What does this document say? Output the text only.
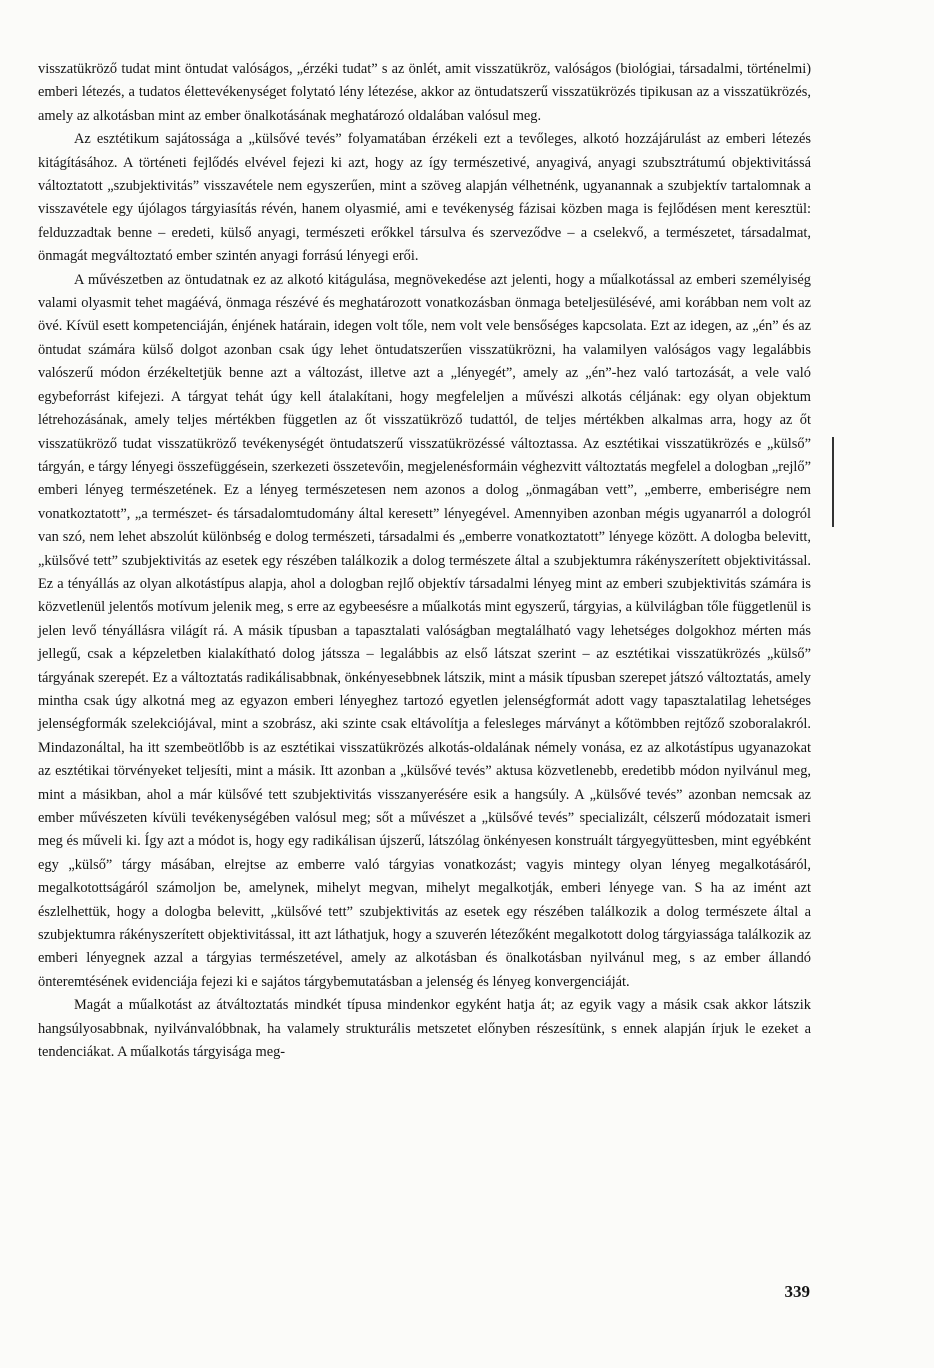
visszatükröző tudat mint öntudat valóságos, „érzéki tudat” s az önlét, amit visszatükröz, valóságos (biológiai, társadalmi, történelmi) emberi létezés, a tudatos élettevékenységet folytató lény létezése, akkor az öntudatszerű visszatükrözés tipikusan az a visszatükrözés, amely az alkotásban mint az ember önalkotásának meghatározó oldalában valósul meg.

Az esztétikum sajátossága a „külsővé tevés” folyamatában érzékeli ezt a tevőleges, alkotó hozzájárulást az emberi létezés kitágításához. A történeti fejlődés elvével fejezi ki azt, hogy az így természetivé, anyagivá, anyagi szubsztrátumú objektivitássá változtatott „szubjektivitás” visszavétele nem egyszerűen, mint a szöveg alapján vélhetnénk, ugyanannak a szubjektív tartalomnak a visszavétele egy újólagos tárgyiasítás révén, hanem olyasmié, ami e tevékenység fázisai közben maga is fejlődésen ment keresztül: felduzzadtak benne – eredeti, külső anyagi, természeti erőkkel társulva és szerveződve – a cselekvő, a természetet, társadalmat, önmagát megváltoztató ember szintén anyagi forrású lényegi erői.

A művészetben az öntudatnak ez az alkotó kitágulása, megnövekedése azt jelenti, hogy a műalkotással az emberi személyiség valami olyasmit tehet magáévá, önmaga részévé és meghatározott vonatkozásban önmaga beteljesülésévé, ami korábban nem volt az övé. Kívül esett kompetenciáján, énjének határain, idegen volt tőle, nem volt vele bensőséges kapcsolata. Ezt az idegen, az „én” és az öntudat számára külső dolgot azonban csak úgy lehet öntudatszerűen visszatükrözni, ha valamilyen valóságos vagy legalábbis valószerű módon érzékeltetjük benne azt a változást, illetve azt a „lényegét”, amely az „én”-hez való tartozását, a vele való egybeforrást kifejezi. A tárgyat tehát úgy kell átalakítani, hogy megfeleljen a művészi alkotás céljának: egy olyan objektum létrehozásának, amely teljes mértékben független az őt visszatükröző tudattól, de teljes mértékben alkalmas arra, hogy az őt visszatükröző tudat visszatükröző tevékenységét öntudatszerű visszatükrözéssé változtassa. Az esztétikai visszatükrözés e „külső” tárgyán, e tárgy lényegi összefüggésein, szerkezeti összetevőin, megjelenésformáin véghezvitt változtatás megfelel a dologban „rejlő” emberi lényeg természetének. Ez a lényeg természetesen nem azonos a dolog „önmagában vett”, „emberre, emberiségre nem vonatkoztatott”, „a természet- és társadalomtudomány által keresett” lényegével. Amennyiben azonban mégis ugyanarról a dologról van szó, nem lehet abszolút különbség e dolog természeti, társadalmi és „emberre vonatkoztatott” lényege között. A dologba belevitt, „külsővé tett” szubjektivitás az esetek egy részében találkozik a dolog természete által a szubjektumra rákényszerített objektivitással. Ez a tényállás az olyan alkotástípus alapja, ahol a dologban rejlő objektív társadalmi lényeg mint az emberi szubjektivitás számára is közvetlenül jelentős motívum jelenik meg, s erre az egybeesésre a műalkotás mint egyszerű, tárgyias, a külvilágban tőle függetlenül is jelen levő tényállásra világít rá. A másik típusban a tapasztalati valóságban megtalálható vagy lehetséges dolgokhoz mérten más jellegű, csak a képzeletben kialakítható dolog játssza – legalábbis az első látszat szerint – az esztétikai visszatükrözés „külső” tárgyának szerepét. Ez a változtatás radikálisabbnak, önkényesebbnek látszik, mint a másik típusban szerepet játszó változtatás, amely mintha csak úgy alkotná meg az egyazon emberi lényeghez tartozó egyetlen jelenségformát adott vagy tapasztalatilag lehetséges jelenségformák szelekciójával, mint a szobrász, aki szinte csak eltávolítja a felesleges márványt a kőtömbben rejtőző szoboralakról. Mindazonáltal, ha itt szembeötlőbb is az esztétikai visszatükrözés alkotás-oldalának némely vonása, ez az alkotástípus ugyanazokat az esztétikai törvényeket teljesíti, mint a másik. Itt azonban a „külsővé tevés” aktusa közvetlenebb, eredetibb módon nyilvánul meg, mint a másikban, ahol a már külsővé tett szubjektivitás visszanyerésére esik a hangsúly. A „külsővé tevés” azonban nemcsak az ember művészeten kívüli tevékenységében valósul meg; sőt a művészet a „külsővé tevés” specializált, célszerű módozatait ismeri meg és műveli ki. Így azt a módot is, hogy egy radikálisan újszerű, látszólag önkényesen konstruált tárgyegyüttesben, mint egyébként egy „külső” tárgy másában, elrejtse az emberre való tárgyias vonatkozást; vagyis mintegy olyan lényeg megalkotásáról, megalkotottságáról számoljon be, amelynek, mihelyt megvan, mihelyt megalkotják, emberi lényege van. S ha az imént azt észlelhettük, hogy a dologba belevitt, „külsővé tett” szubjektivitás az esetek egy részében találkozik a dolog természete által a szubjektumra rákényszerített objektivitással, itt azt láthatjuk, hogy a szuverén létezőként megalkotott dolog tárgyiassága találkozik az emberi lényegnek azzal a tárgyias természetével, amely az alkotásban és önalkotásban nyilvánul meg, s az ember állandó önteremtésének evidenciája fejezi ki e sajátos tárgybemutatásban a jelenség és lényeg konvergenciáját.

Magát a műalkotást az átváltoztatás mindkét típusa mindenkor egyként hatja át; az egyik vagy a másik csak akkor látszik hangsúlyosabbnak, nyilvánvalóbbnak, ha valamely strukturális metszetet előnyben részesítünk, s ennek alapján írjuk le ezeket a tendenciákat. A műalkotás tárgyisága meg-

339
